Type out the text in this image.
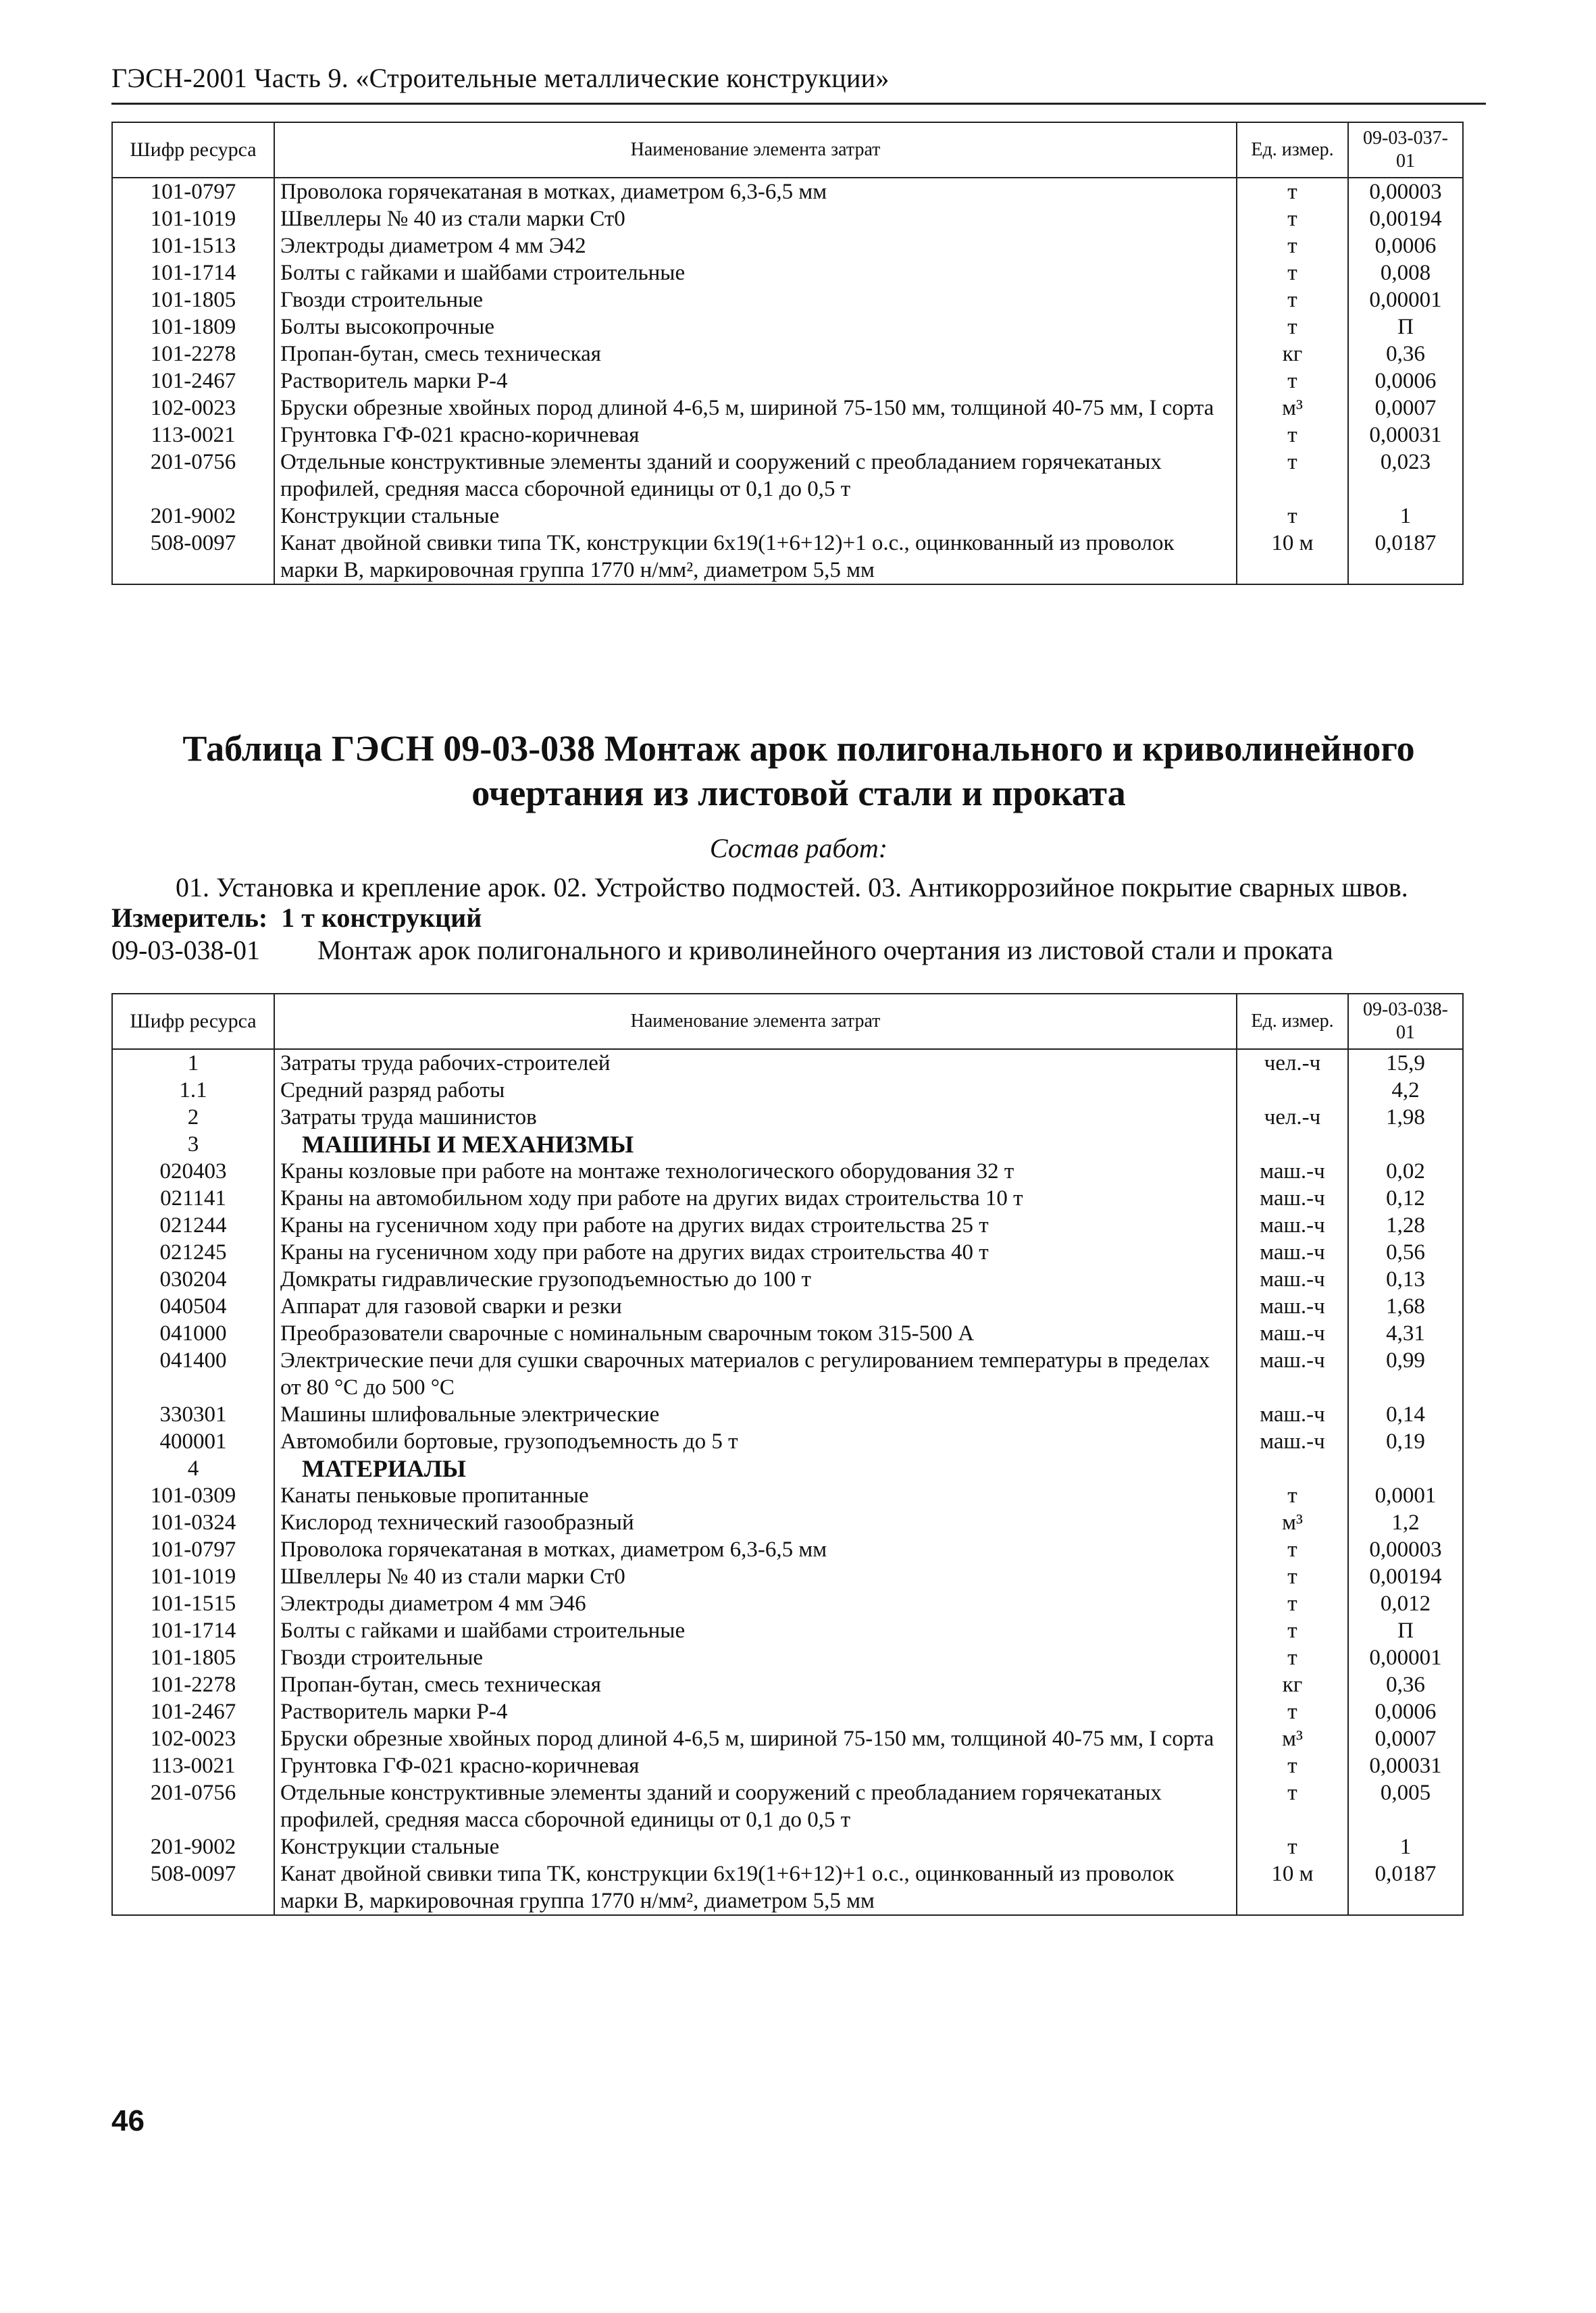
ГЭСН-2001 Часть 9. «Строительные металлические конструкции»
Шифр ресурса	Наименование элемента затрат	Ед. измер.	09-03-037-01
101-0797	Проволока горячекатаная в мотках, диаметром 6,3-6,5 мм	т	0,00003
101-1019	Швеллеры № 40 из стали марки Ст0	т	0,00194
101-1513	Электроды диаметром 4 мм Э42	т	0,0006
101-1714	Болты с гайками и шайбами строительные	т	0,008
101-1805	Гвозди строительные	т	0,00001
101-1809	Болты высокопрочные	т	П
101-2278	Пропан-бутан, смесь техническая	кг	0,36
101-2467	Растворитель марки Р-4	т	0,0006
102-0023	Бруски обрезные хвойных пород длиной 4-6,5 м, шириной 75-150 мм, толщиной 40-75 мм, I сорта	м³	0,0007
113-0021	Грунтовка ГФ-021 красно-коричневая	т	0,00031
201-0756	Отдельные конструктивные элементы зданий и сооружений с преобладанием горячекатаных профилей, средняя масса сборочной единицы от 0,1 до 0,5 т	т	0,023
201-9002	Конструкции стальные	т	1
508-0097	Канат двойной свивки типа ТК, конструкции 6х19(1+6+12)+1 о.с., оцинкованный из проволок марки В, маркировочная группа 1770 н/мм², диаметром 5,5 мм	10 м	0,0187
Таблица ГЭСН 09-03-038 Монтаж арок полигонального и криволинейного очертания из листовой стали и проката
Состав работ:
01. Установка и крепление арок. 02. Устройство подмостей. 03. Антикоррозийное покрытие сварных швов.
Измеритель: 1 т конструкций
09-03-038-01 Монтаж арок полигонального и криволинейного очертания из листовой стали и проката
Шифр ресурса	Наименование элемента затрат	Ед. измер.	09-03-038-01
1	Затраты труда рабочих-строителей	чел.-ч	15,9
1.1	Средний разряд работы		4,2
2	Затраты труда машинистов	чел.-ч	1,98
3	МАШИНЫ И МЕХАНИЗМЫ		
020403	Краны козловые при работе на монтаже технологического оборудования 32 т	маш.-ч	0,02
021141	Краны на автомобильном ходу при работе на других видах строительства 10 т	маш.-ч	0,12
021244	Краны на гусеничном ходу при работе на других видах строительства 25 т	маш.-ч	1,28
021245	Краны на гусеничном ходу при работе на других видах строительства 40 т	маш.-ч	0,56
030204	Домкраты гидравлические грузоподъемностью до 100 т	маш.-ч	0,13
040504	Аппарат для газовой сварки и резки	маш.-ч	1,68
041000	Преобразователи сварочные с номинальным сварочным током 315-500 А	маш.-ч	4,31
041400	Электрические печи для сушки сварочных материалов с регулированием температуры в пределах от 80 °С до 500 °С	маш.-ч	0,99
330301	Машины шлифовальные электрические	маш.-ч	0,14
400001	Автомобили бортовые, грузоподъемность до 5 т	маш.-ч	0,19
4	МАТЕРИАЛЫ		
101-0309	Канаты пеньковые пропитанные	т	0,0001
101-0324	Кислород технический газообразный	м³	1,2
101-0797	Проволока горячекатаная в мотках, диаметром 6,3-6,5 мм	т	0,00003
101-1019	Швеллеры № 40 из стали марки Ст0	т	0,00194
101-1515	Электроды диаметром 4 мм Э46	т	0,012
101-1714	Болты с гайками и шайбами строительные	т	П
101-1805	Гвозди строительные	т	0,00001
101-2278	Пропан-бутан, смесь техническая	кг	0,36
101-2467	Растворитель марки Р-4	т	0,0006
102-0023	Бруски обрезные хвойных пород длиной 4-6,5 м, шириной 75-150 мм, толщиной 40-75 мм, I сорта	м³	0,0007
113-0021	Грунтовка ГФ-021 красно-коричневая	т	0,00031
201-0756	Отдельные конструктивные элементы зданий и сооружений с преобладанием горячекатаных профилей, средняя масса сборочной единицы от 0,1 до 0,5 т	т	0,005
201-9002	Конструкции стальные	т	1
508-0097	Канат двойной свивки типа ТК, конструкции 6х19(1+6+12)+1 о.с., оцинкованный из проволок марки В, маркировочная группа 1770 н/мм², диаметром 5,5 мм	10 м	0,0187
46
